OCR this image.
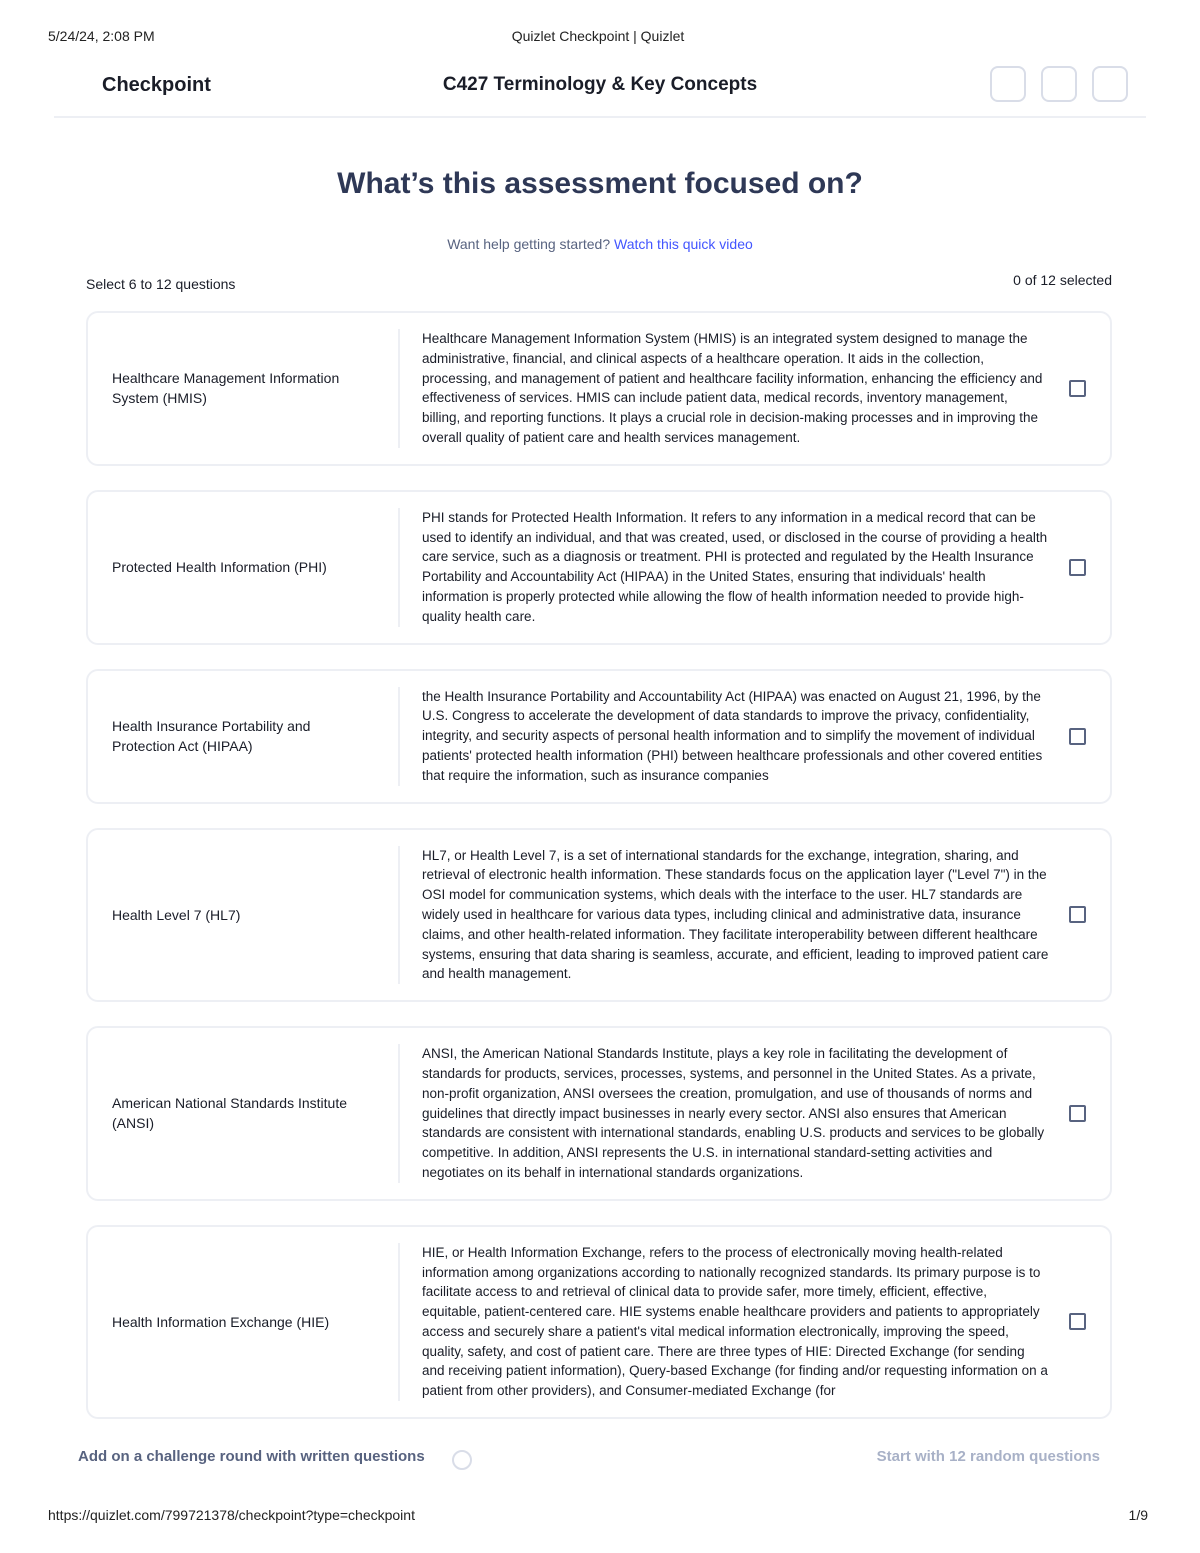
5/24/24, 2:08 PM	Quizlet Checkpoint | Quizlet
Checkpoint	C427 Terminology & Key Concepts
What’s this assessment focused on?
Want help getting started? Watch this quick video
Select 6 to 12 questions	0 of 12 selected
Healthcare Management Information System (HMIS)
Healthcare Management Information System (HMIS) is an integrated system designed to manage the administrative, financial, and clinical aspects of a healthcare operation. It aids in the collection, processing, and management of patient and healthcare facility information, enhancing the efficiency and effectiveness of services. HMIS can include patient data, medical records, inventory management, billing, and reporting functions. It plays a crucial role in decision-making processes and in improving the overall quality of patient care and health services management.
Protected Health Information (PHI)
PHI stands for Protected Health Information. It refers to any information in a medical record that can be used to identify an individual, and that was created, used, or disclosed in the course of providing a health care service, such as a diagnosis or treatment. PHI is protected and regulated by the Health Insurance Portability and Accountability Act (HIPAA) in the United States, ensuring that individuals' health information is properly protected while allowing the flow of health information needed to provide high-quality health care.
Health Insurance Portability and Protection Act (HIPAA)
the Health Insurance Portability and Accountability Act (HIPAA) was enacted on August 21, 1996, by the U.S. Congress to accelerate the development of data standards to improve the privacy, confidentiality, integrity, and security aspects of personal health information and to simplify the movement of individual patients' protected health information (PHI) between healthcare professionals and other covered entities that require the information, such as insurance companies
Health Level 7 (HL7)
HL7, or Health Level 7, is a set of international standards for the exchange, integration, sharing, and retrieval of electronic health information. These standards focus on the application layer ("Level 7") in the OSI model for communication systems, which deals with the interface to the user. HL7 standards are widely used in healthcare for various data types, including clinical and administrative data, insurance claims, and other health-related information. They facilitate interoperability between different healthcare systems, ensuring that data sharing is seamless, accurate, and efficient, leading to improved patient care and health management.
American National Standards Institute (ANSI)
ANSI, the American National Standards Institute, plays a key role in facilitating the development of standards for products, services, processes, systems, and personnel in the United States. As a private, non-profit organization, ANSI oversees the creation, promulgation, and use of thousands of norms and guidelines that directly impact businesses in nearly every sector. ANSI also ensures that American standards are consistent with international standards, enabling U.S. products and services to be globally competitive. In addition, ANSI represents the U.S. in international standard-setting activities and negotiates on its behalf in international standards organizations.
Health Information Exchange (HIE)
HIE, or Health Information Exchange, refers to the process of electronically moving health-related information among organizations according to nationally recognized standards. Its primary purpose is to facilitate access to and retrieval of clinical data to provide safer, more timely, efficient, effective, equitable, patient-centered care. HIE systems enable healthcare providers and patients to appropriately access and securely share a patient's vital medical information electronically, improving the speed, quality, safety, and cost of patient care. There are three types of HIE: Directed Exchange (for sending and receiving patient information), Query-based Exchange (for finding and/or requesting information on a patient from other providers), and Consumer-mediated Exchange (for
Add on a challenge round with written questions	Start with 12 random questions
https://quizlet.com/799721378/checkpoint?type=checkpoint	1/9
